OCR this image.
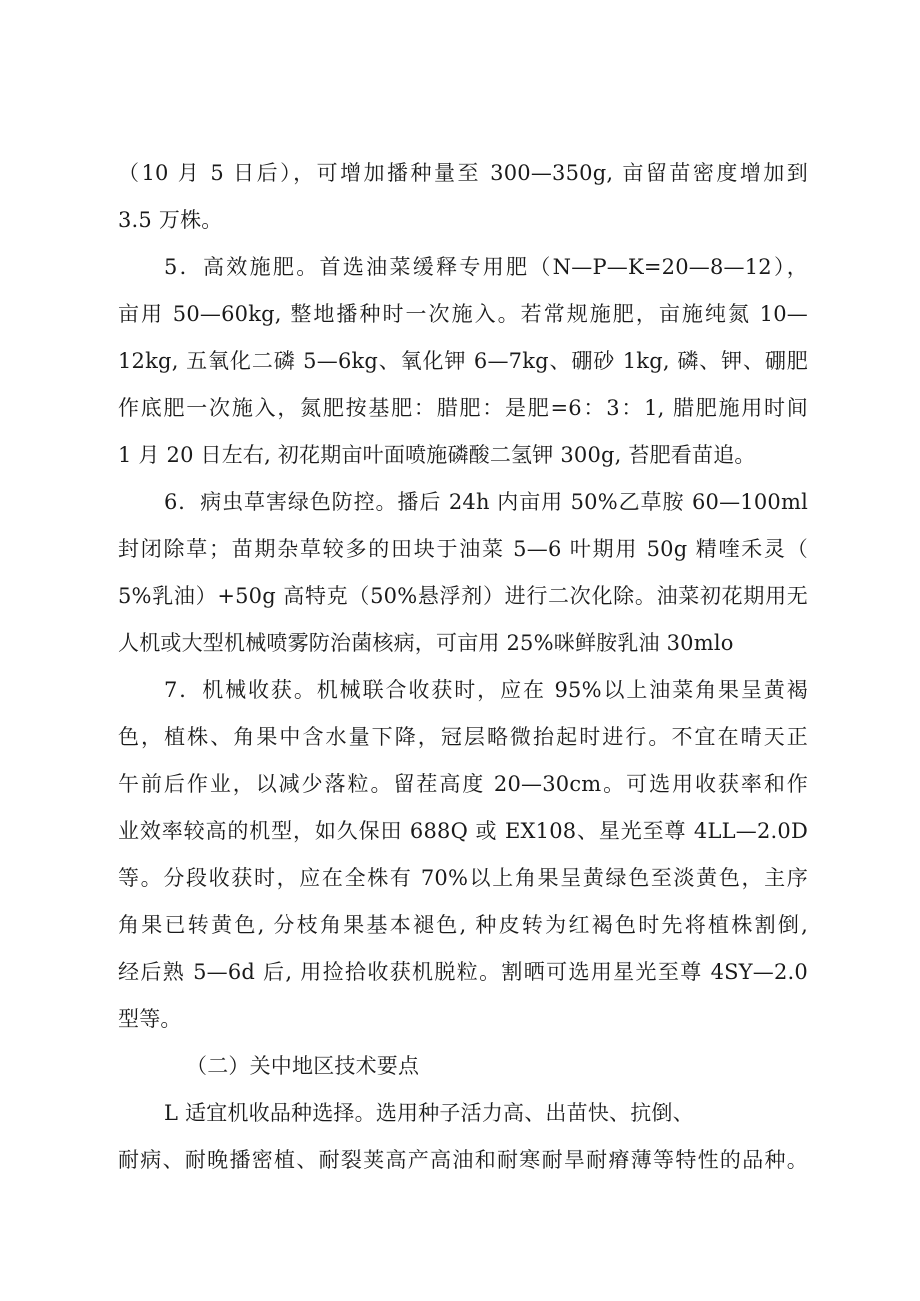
（10 月 5 日后），可增加播种量至 300—350g, 亩留苗密度增加到
3.5 万株。
5．高效施肥。首选油菜缓释专用肥（N—P—K=20—8—12），
亩用 50—60kg, 整地播种时一次施入。若常规施肥，亩施纯氮 10—
12kg, 五氧化二磷 5—6kg、氧化钾 6—7kg、硼砂 1kg, 磷、钾、硼肥
作底肥一次施入，氮肥按基肥：腊肥：是肥=6：3：1, 腊肥施用时间
1 月 20 日左右, 初花期亩叶面喷施磷酸二氢钾 300g, 苔肥看苗追。
6．病虫草害绿色防控。播后 24h 内亩用 50%乙草胺 60—100ml
封闭除草；苗期杂草较多的田块于油菜 5—6 叶期用 50g 精喹禾灵（
5%乳油）+50g 高特克（50%悬浮剂）进行二次化除。油菜初花期用无
人机或大型机械喷雾防治菌核病，可亩用 25%咪鲜胺乳油 30mlo
7．机械收获。机械联合收获时，应在 95%以上油菜角果呈黄褐
色，植株、角果中含水量下降，冠层略微抬起时进行。不宜在晴天正
午前后作业，以减少落粒。留茬高度 20—30cm。可选用收获率和作
业效率较高的机型，如久保田 688Q 或 EX108、星光至尊 4LL—2.0D
等。分段收获时，应在全株有 70%以上角果呈黄绿色至淡黄色，主序
角果已转黄色, 分枝角果基本褪色, 种皮转为红褐色时先将植株割倒,
经后熟 5—6d 后, 用捡拾收获机脱粒。割晒可选用星光至尊 4SY—2.0
型等。
（二）关中地区技术要点
L 适宜机收品种选择。选用种子活力高、出苗快、抗倒、
耐病、耐晚播密植、耐裂荚高产高油和耐寒耐旱耐瘠薄等特性的品种。
